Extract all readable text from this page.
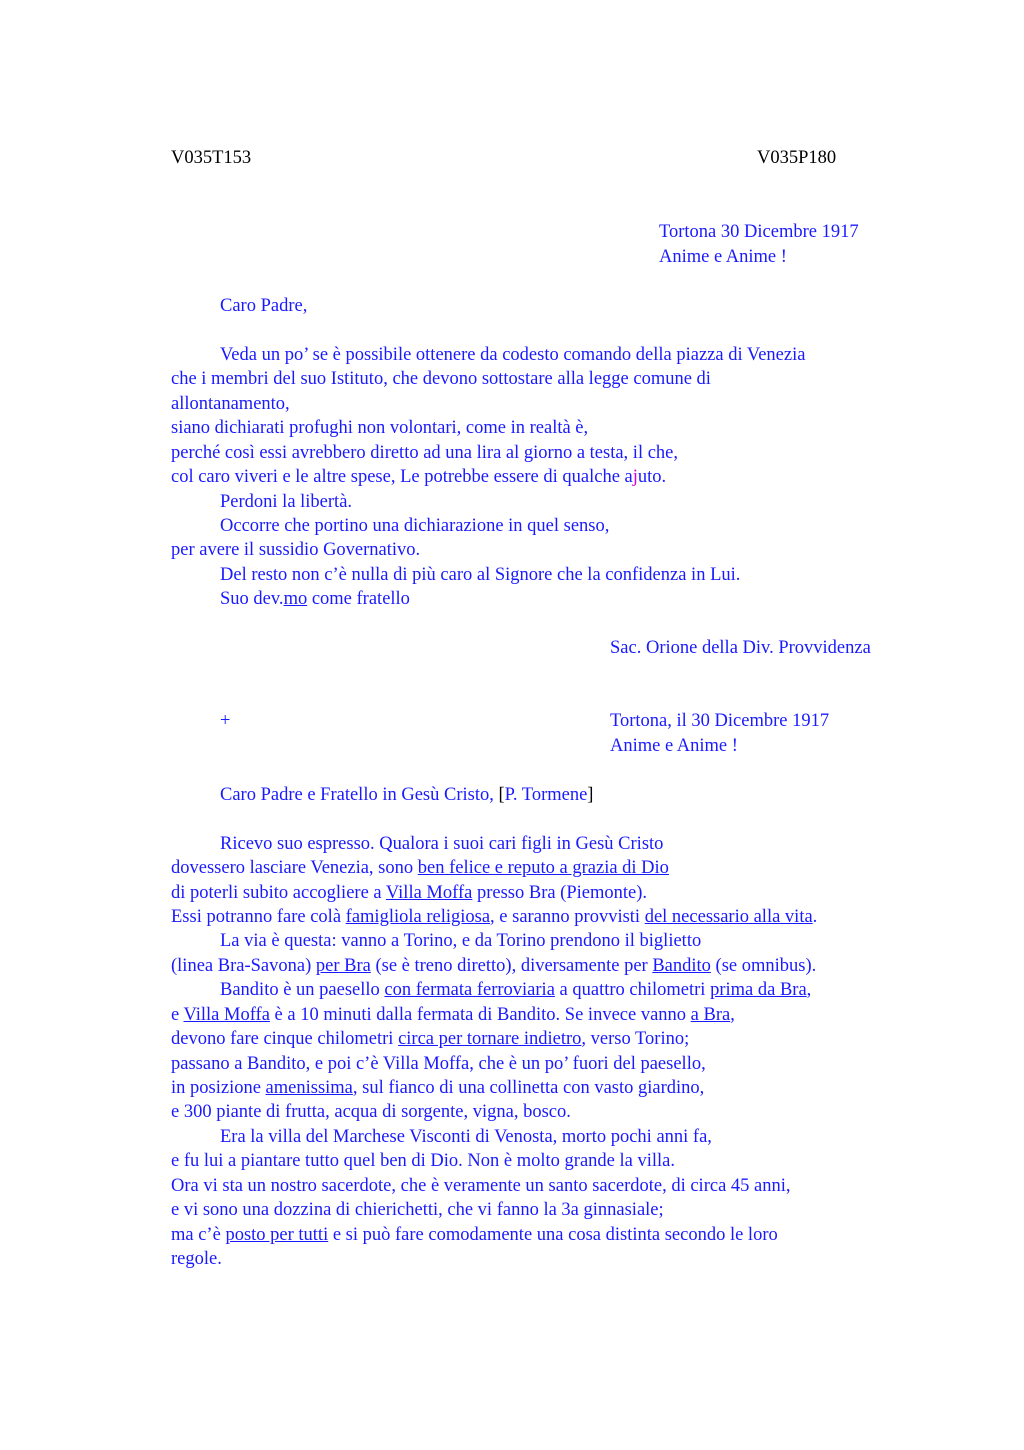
V035T153	V035P180
Tortona 30 Dicembre 1917
Anime e Anime !
Caro Padre,
Veda un po’ se è possibile ottenere da codesto comando della piazza di Venezia
che i membri del suo Istituto, che devono sottostare alla legge comune di
allontanamento,
siano dichiarati profughi non volontari, come in realtà è,
perché così essi avrebbero diretto ad una lira al giorno a testa, il che,
col caro viveri e le altre spese, Le potrebbe essere di qualche ajuto.
Perdoni la libertà.
Occorre che portino una dichiarazione in quel senso,
per avere il sussidio Governativo.
Del resto non c’è nulla di più caro al Signore che la confidenza in Lui.
Suo dev.mo come fratello
Sac. Orione della Div. Provvidenza
+	Tortona, il 30 Dicembre 1917
Anime e Anime !
Caro Padre e Fratello in Gesù Cristo, [P. Tormene]
Ricevo suo espresso. Qualora i suoi cari figli in Gesù Cristo
dovessero lasciare Venezia, sono ben felice e reputo a grazia di Dio
di poterli subito accogliere a Villa Moffa presso Bra (Piemonte).
Essi potranno fare colà famigliola religiosa, e saranno provvisti del necessario alla vita.
La via è questa: vanno a Torino, e da Torino prendono il biglietto
(linea Bra-Savona) per Bra (se è treno diretto), diversamente per Bandito (se omnibus).
Bandito è un paesello con fermata ferroviaria a quattro chilometri prima da Bra,
e Villa Moffa è a 10 minuti dalla fermata di Bandito. Se invece vanno a Bra,
devono fare cinque chilometri circa per tornare indietro, verso Torino;
passano a Bandito, e poi c’è Villa Moffa, che è un po’ fuori del paesello,
in posizione amenissima, sul fianco di una collinetta con vasto giardino,
e 300 piante di frutta, acqua di sorgente, vigna, bosco.
Era la villa del Marchese Visconti di Venosta, morto pochi anni fa,
e fu lui a piantare tutto quel ben di Dio. Non è molto grande la villa.
Ora vi sta un nostro sacerdote, che è veramente un santo sacerdote, di circa 45 anni,
e vi sono una dozzina di chierichetti, che vi fanno la 3a ginnasiale;
ma c’è posto per tutti e si può fare comodamente una cosa distinta secondo le loro
regole.
